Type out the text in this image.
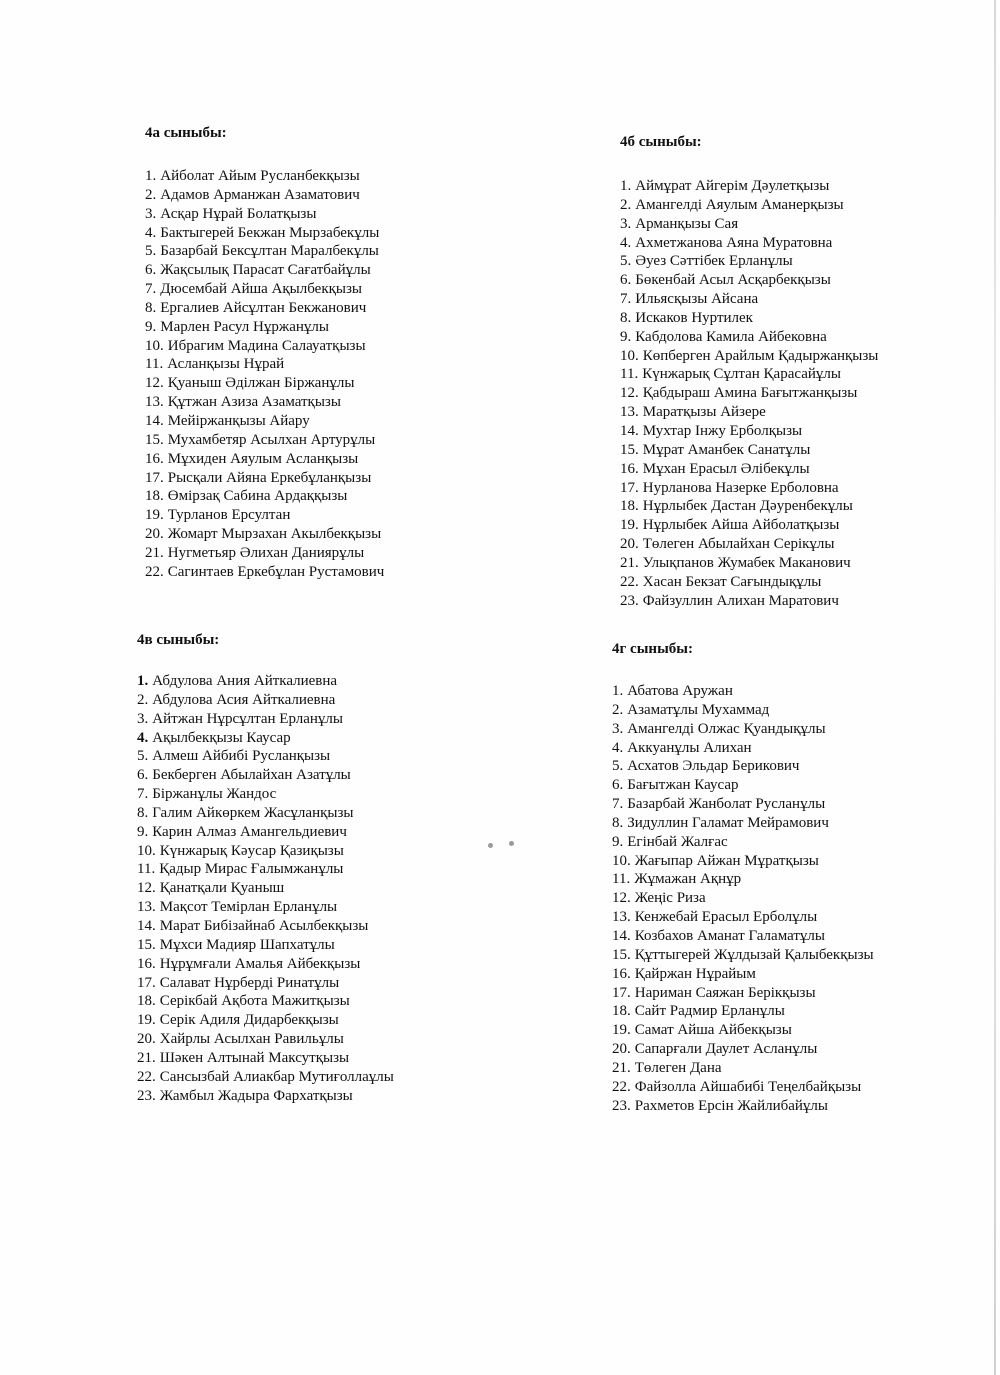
4а сыныбы:
1. Айболат Айым Русланбекқызы
2. Адамов Арманжан Азаматович
3. Асқар Нұрай Болатқызы
4. Бактыгерей Бекжан Мырзабекұлы
5. Базарбай Бексұлтан Маралбекұлы
6. Жақсылық Парасат Сағатбайұлы
7. Дюсембай Айша Ақылбекқызы
8. Ергалиев Айсұлтан Бекжанович
9. Марлен Расул Нұржанұлы
10. Ибрагим Мадина Салауатқызы
11. Асланқызы Нұрай
12. Қуаныш Әділжан Біржанұлы
13. Құтжан Азиза Азаматқызы
14. Мейіржанқызы Айару
15. Мухамбетяр Асылхан Артурұлы
16. Мұхиден Аяулым Асланқызы
17. Рысқали Айяна Еркебұланқызы
18. Өмірзақ Сабина Ардаққызы
19. Турланов Ерсултан
20. Жомарт Мырзахан Акылбекқызы
21. Нугметьяр Әлихан Даниярұлы
22. Сагинтаев Еркебұлан Рустамович
4б сыныбы:
1. Аймұрат Айгерім Дәулетқызы
2. Амангелді Аяулым Аманерқызы
3. Арманқызы Сая
4. Ахметжанова Аяна Муратовна
5. Әуез Сәттібек Ерланұлы
6. Бөкенбай Асыл Асқарбекқызы
7. Ильясқызы Айсана
8. Искаков Нуртилек
9. Кабдолова Камила Айбековна
10. Көпберген Арайлым Қадыржанқызы
11. Күнжарық Сұлтан Қарасайұлы
12. Қабдыраш Амина Бағытжанқызы
13. Маратқызы Айзере
14. Мухтар Інжу Ерболқызы
15. Мұрат Аманбек Санатұлы
16. Мұхан Ерасыл Әлібекұлы
17. Нурланова Назерке Ерболовна
18. Нұрлыбек Дастан Дәуренбекұлы
19. Нұрлыбек Айша Айболатқызы
20. Төлеген Абылайхан Серікұлы
21. Улықпанов Жумабек Маканович
22. Хасан Бекзат Сағындықұлы
23. Файзуллин Алихан Маратович
4в сыныбы:
1. Абдулова Ания Айткалиевна
2. Абдулова Асия Айткалиевна
3. Айтжан Нұрсұлтан Ерланұлы
4. Ақылбекқызы Каусар
5. Алмеш Айбибі Русланқызы
6. Бекберген Абылайхан Азатұлы
7. Біржанұлы Жандос
8. Галим Айкөркем Жасұланқызы
9. Карин Алмаз Амангельдиевич
10. Күнжарық Кәусар Қазиқызы
11. Қадыр Мирас Ғалымжанұлы
12. Қанатқали Қуаныш
13. Мақсот Темірлан Ерланұлы
14. Марат Бибізайнаб Асылбекқызы
15. Мұхси Мадияр Шапхатұлы
16. Нұрұмғали Амалья Айбекқызы
17. Салават Нұрберді Ринатұлы
18. Серікбай Ақбота Мажитқызы
19. Серік Адиля Дидарбекқызы
20. Хайрлы Асылхан Равильұлы
21. Шәкен Алтынай Максутқызы
22. Сансызбай Алиакбар Мутиғоллаұлы
23. Жамбыл Жадыра Фархатқызы
4г сыныбы:
1. Абатова Аружан
2. Азаматұлы Мухаммад
3. Амангелді Олжас Қуандықұлы
4. Аккуанұлы Алихан
5. Асхатов Эльдар Берикович
6. Бағытжан Каусар
7. Базарбай Жанболат Русланұлы
8. Зидуллин Галамат Мейрамович
9. Егінбай Жалғас
10. Жағыпар Айжан Мұратқызы
11. Жұмажан Ақнұр
12. Жеңіс Риза
13. Кенжебай Ерасыл Ерболұлы
14. Козбахов Аманат Галаматұлы
15. Құттыгерей Жұлдызай Қалыбекқызы
16. Қайржан Нұрайым
17. Нариман Саяжан Берікқызы
18. Сайт Радмир Ерланұлы
19. Самат Айша Айбекқызы
20. Сапарғали Даулет Асланұлы
21. Төлеген Дана
22. Файзолла Айшабибі Теңелбайқызы
23. Рахметов Ерсін Жайлибайұлы
